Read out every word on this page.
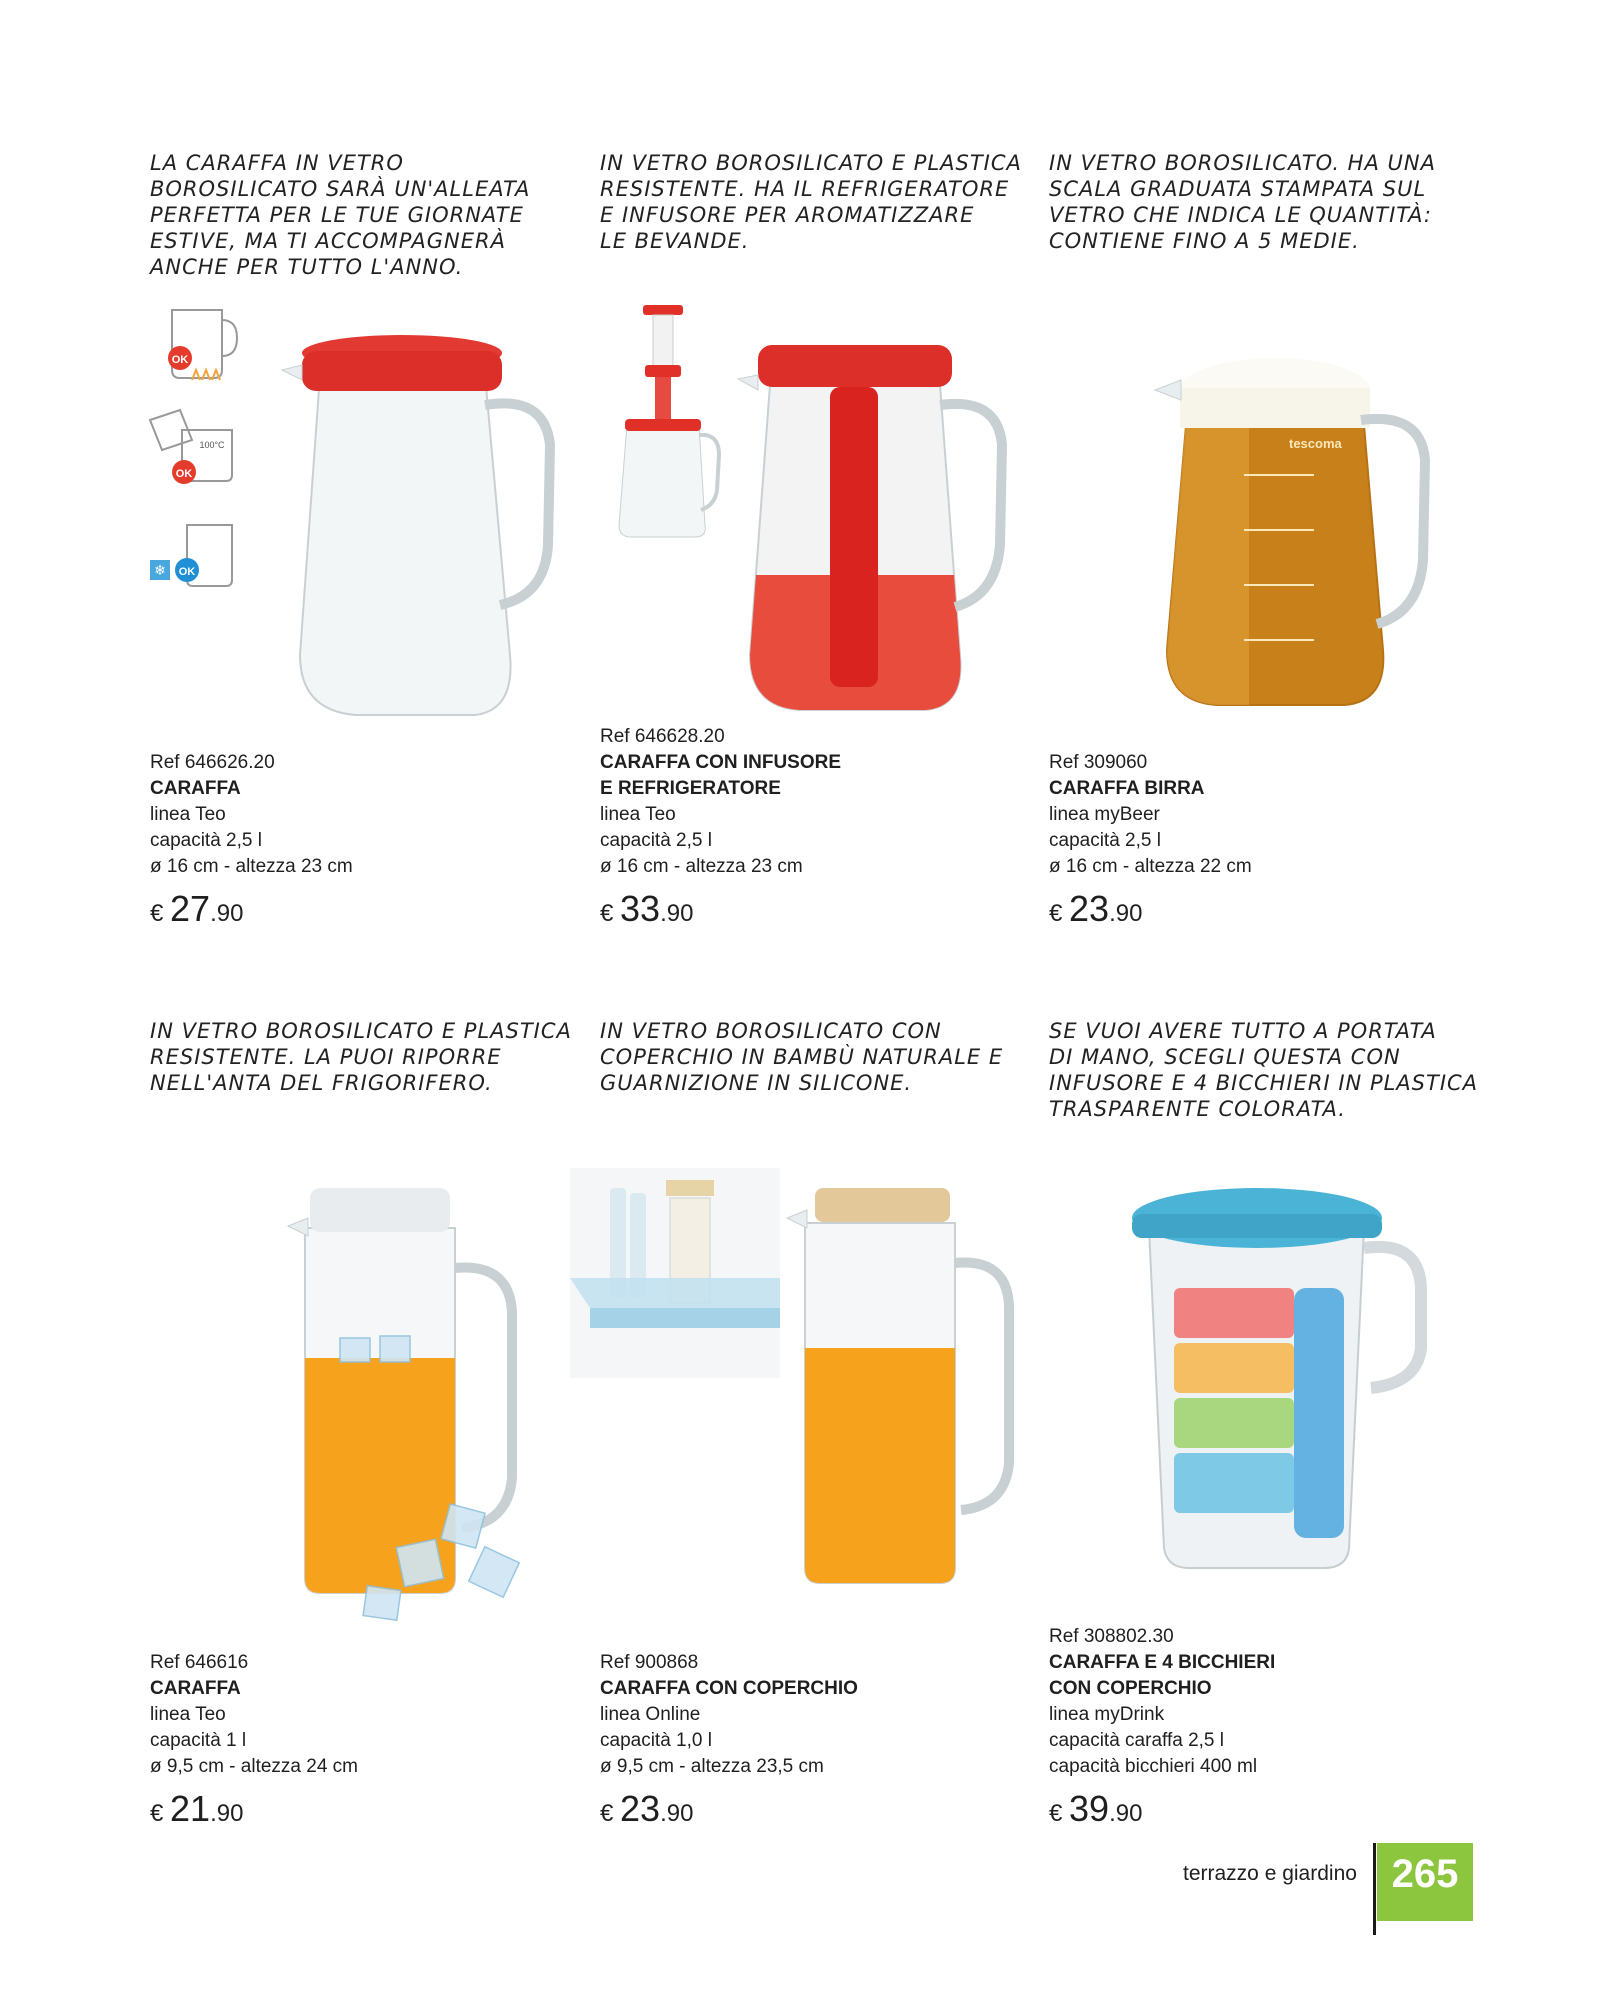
LA CARAFFA IN VETRO
BOROSILICATO SARÀ UN'ALLEATA
PERFETTA PER LE TUE GIORNATE
ESTIVE, MA TI ACCOMPAGNERÀ
ANCHE PER TUTTO L'ANNO.
OK
OK
100°C
❄ OK
Ref 646626.20
CARAFFA
linea Teo
capacità 2,5 l
ø 16 cm - altezza 23 cm
€ 27.90
IN VETRO BOROSILICATO E PLASTICA
RESISTENTE. HA IL REFRIGERATORE
E INFUSORE PER AROMATIZZARE
LE BEVANDE.
Ref 646628.20
CARAFFA CON INFUSORE
E REFRIGERATORE
linea Teo
capacità 2,5 l
ø 16 cm - altezza 23 cm
€ 33.90
IN VETRO BOROSILICATO. HA UNA
SCALA GRADUATA STAMPATA SUL
VETRO CHE INDICA LE QUANTITÀ:
CONTIENE FINO A 5 MEDIE.
tescoma
Ref 309060
CARAFFA BIRRA
linea myBeer
capacità 2,5 l
ø 16 cm - altezza 22 cm
€ 23.90
IN VETRO BOROSILICATO E PLASTICA
RESISTENTE. LA PUOI RIPORRE
NELL'ANTA DEL FRIGORIFERO.
Ref 646616
CARAFFA
linea Teo
capacità 1 l
ø 9,5 cm - altezza 24 cm
€ 21.90
IN VETRO BOROSILICATO CON
COPERCHIO IN BAMBÙ NATURALE E
GUARNIZIONE IN SILICONE.
Ref 900868
CARAFFA CON COPERCHIO
linea Online
capacità 1,0 l
ø 9,5 cm - altezza 23,5 cm
€ 23.90
SE VUOI AVERE TUTTO A PORTATA
DI MANO, SCEGLI QUESTA CON
INFUSORE E 4 BICCHIERI IN PLASTICA
TRASPARENTE COLORATA.
Ref 308802.30
CARAFFA E 4 BICCHIERI
CON COPERCHIO
linea myDrink
capacità caraffa 2,5 l
capacità bicchieri 400 ml
€ 39.90
terrazzo e giardino 265
